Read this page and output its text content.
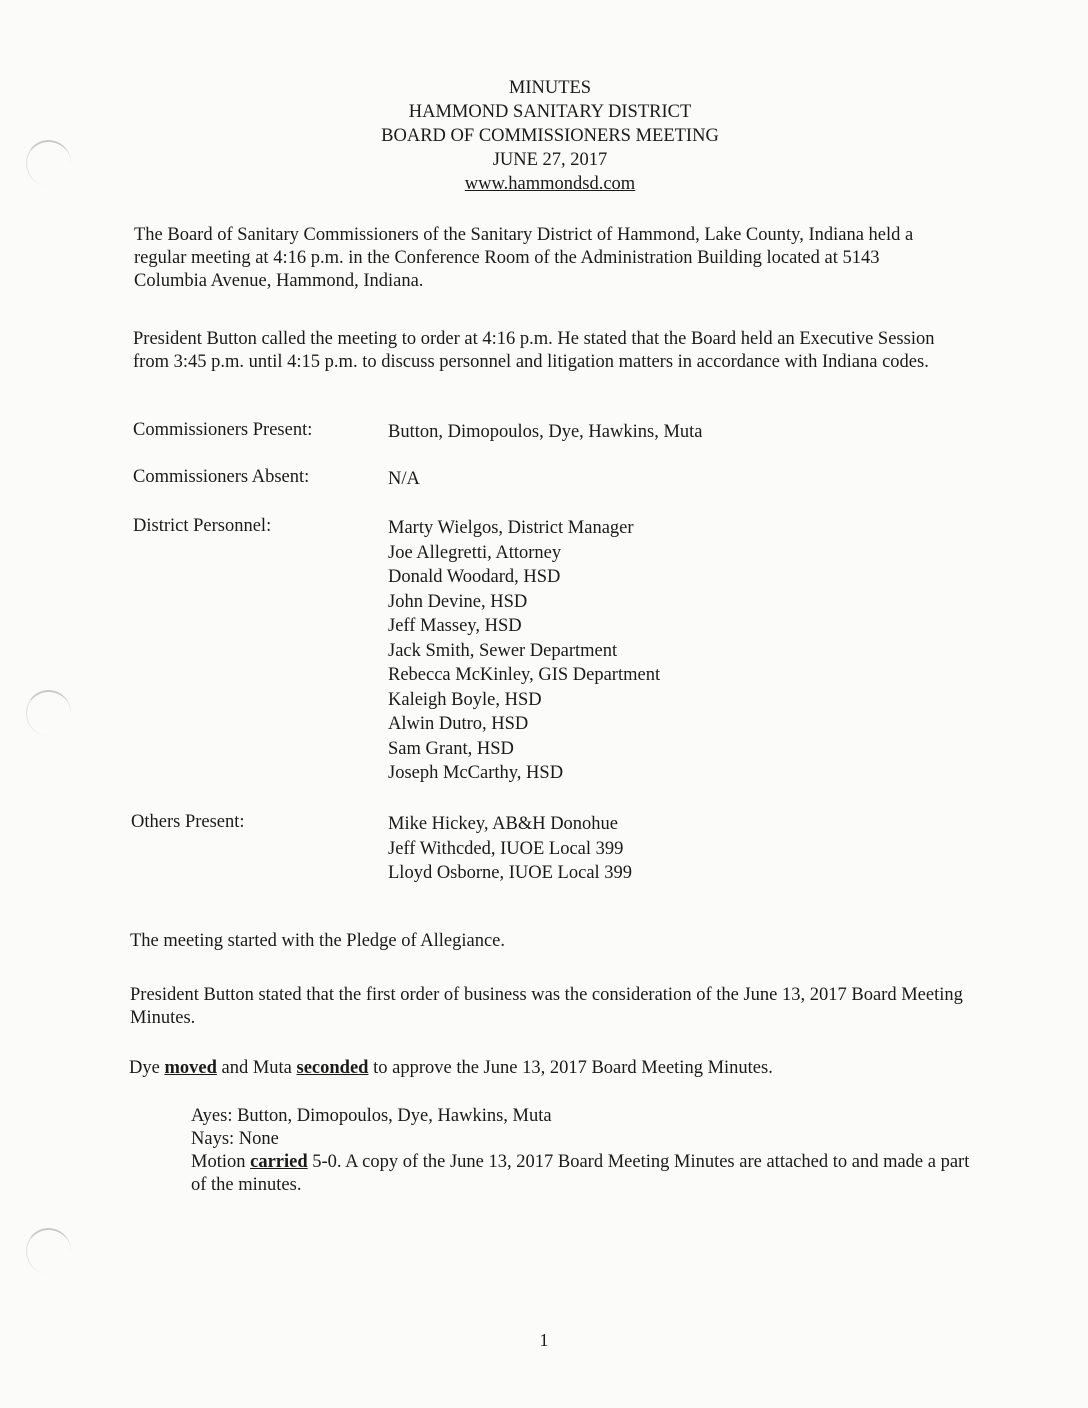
MINUTES
HAMMOND SANITARY DISTRICT
BOARD OF COMMISSIONERS MEETING
JUNE 27, 2017
www.hammondsd.com

The Board of Sanitary Commissioners of the Sanitary District of Hammond, Lake County, Indiana held a regular meeting at 4:16 p.m. in the Conference Room of the Administration Building located at 5143 Columbia Avenue, Hammond, Indiana.

President Button called the meeting to order at 4:16 p.m. He stated that the Board held an Executive Session from 3:45 p.m. until 4:15 p.m. to discuss personnel and litigation matters in accordance with Indiana codes.

Commissioners Present:	Button, Dimopoulos, Dye, Hawkins, Muta
Commissioners Absent:	N/A
District Personnel:	Marty Wielgos, District Manager
Joe Allegretti, Attorney
Donald Woodard, HSD
John Devine, HSD
Jeff Massey, HSD
Jack Smith, Sewer Department
Rebecca McKinley, GIS Department
Kaleigh Boyle, HSD
Alwin Dutro, HSD
Sam Grant, HSD
Joseph McCarthy, HSD
Others Present:	Mike Hickey, AB&H Donohue
Jeff Withcded, IUOE Local 399
Lloyd Osborne, IUOE Local 399

The meeting started with the Pledge of Allegiance.

President Button stated that the first order of business was the consideration of the June 13, 2017 Board Meeting Minutes.

Dye moved and Muta seconded to approve the June 13, 2017 Board Meeting Minutes.

Ayes: Button, Dimopoulos, Dye, Hawkins, Muta
Nays: None
Motion carried 5-0. A copy of the June 13, 2017 Board Meeting Minutes are attached to and made a part of the minutes.
1
